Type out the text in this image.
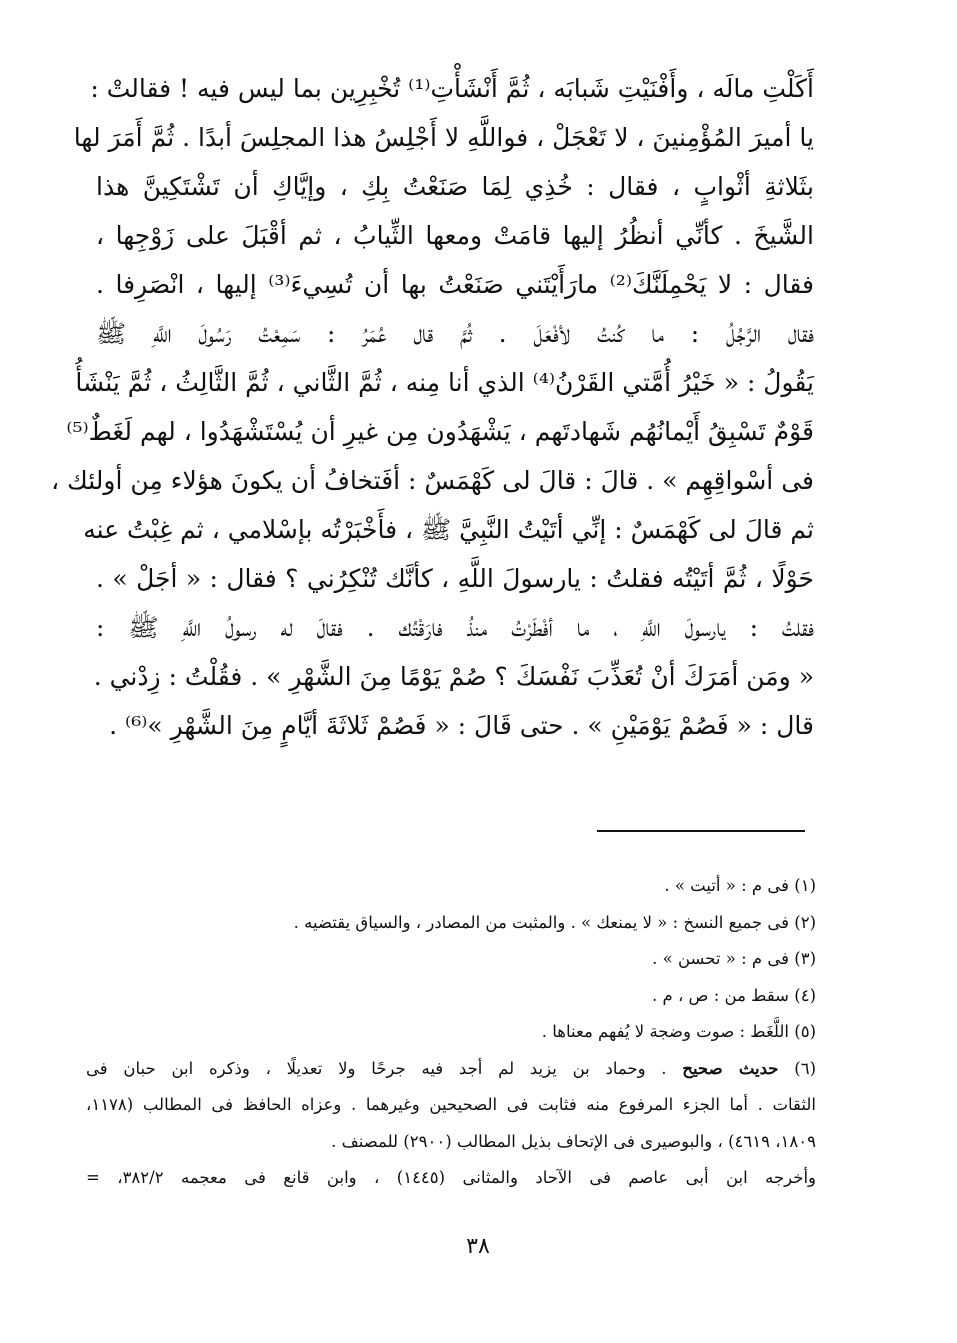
أَكَلْتِ مالَه ، وأَفْنَيْتِ شَبابَه ، ثُمَّ أَنْشَأْتِ⁽¹⁾ تُخْبِرِين بما ليس فيه ! فقالتْ :
يا أميرَ المُؤْمِنينَ ، لا تَعْجَلْ ، فواللَّهِ لا أَجْلِسُ هذا المجلِسَ أبدًا . ثُمَّ أَمَرَ لها
بثَلاثةِ أثْوابٍ ، فقال : خُذِي لِمَا صَنَعْتُ بِكِ ، وإيَّاكِ أن تَشْتَكِينَّ هذا
الشَّيخَ . كأنِّي أنظُرُ إليها قامَتْ ومعها الثِّيابُ ، ثم أقْبَلَ على زَوْجِها ،
فقال : لا يَحْمِلَنَّكَ⁽²⁾ مارَأَيْتَني صَنَعْتُ بها أن تُسِيءَ⁽³⁾ إليها ، انْصَرِفا .
فقال الرَّجُلُ : ما كُنتُ لأفْعَلَ . ثُمَّ قال عُمَرُ : سَمِعْتُ رَسُولَ اللَّهِ ﷺ
يَقُولُ : « خَيْرُ أُمَّتي القَرْنُ⁽⁴⁾ الذي أنا مِنه ، ثُمَّ الثَّاني ، ثُمَّ الثَّالِثُ ، ثُمَّ يَنْشَأُ
قَوْمٌ تَسْبِقُ أَيْمانُهُم شَهادتَهم ، يَشْهَدُون مِن غيرِ أن يُسْتَشْهَدُوا ، لهم لَغَطٌ⁽⁵⁾
فى أسْواقِهِم » . قالَ : قالَ لى كَهْمَسٌ : أفَتخافُ أن يكونَ هؤلاء مِن أولئك ،
ثم قالَ لى كَهْمَسٌ : إنِّي أتَيْتُ النَّبِيَّ ﷺ ، فأَخْبَرْتُه بإسْلامي ، ثم غِبْتُ عنه
حَوْلًا ، ثُمَّ أتَيْتُه فقلتُ : يارسولَ اللَّهِ ، كأنَّك تُنْكِرُني ؟ فقال : « أجَلْ » .
فقلتُ : يارسولَ اللَّهِ ، ما أفْطَرْتُ منذُ فارَقْتُك . فقالَ له رسولُ اللَّهِ ﷺ :
« ومَن أمَرَكَ أنْ تُعَذِّبَ نَفْسَكَ ؟ صُمْ يَوْمًا مِنَ الشَّهْرِ » . فقُلْتُ : زِدْني .
قال : « فَصُمْ يَوْمَيْنِ » . حتى قَالَ : « فَصُمْ ثَلاثَةَ أيَّامٍ مِنَ الشَّهْرِ »⁽⁶⁾ .
(١) فى م : « أتيت » .
(٢) فى جميع النسخ : « لا يمنعك » . والمثبت من المصادر ، والسياق يقتضيه .
(٣) فى م : « تحسن » .
(٤) سقط من : ص ، م .
(٥) اللَّغَط : صوت وضجة لا يُفهم معناها .
(٦) حديث صحيح . وحماد بن يزيد لم أجد فيه جرحًا ولا تعديلًا ، وذكره ابن حبان فى
الثقات . أما الجزء المرفوع منه فثابت فى الصحيحين وغيرهما . وعزاه الحافظ فى المطالب (١١٧٨،
١٨٠٩، ٤٦١٩) ، والبوصيرى فى الإتحاف بذيل المطالب (٢٩٠٠) للمصنف .
وأخرجه ابن أبى عاصم فى الآحاد والمثانى (١٤٤٥) ، وابن قانع فى معجمه ٣٨٢/٢، =
٣٨
